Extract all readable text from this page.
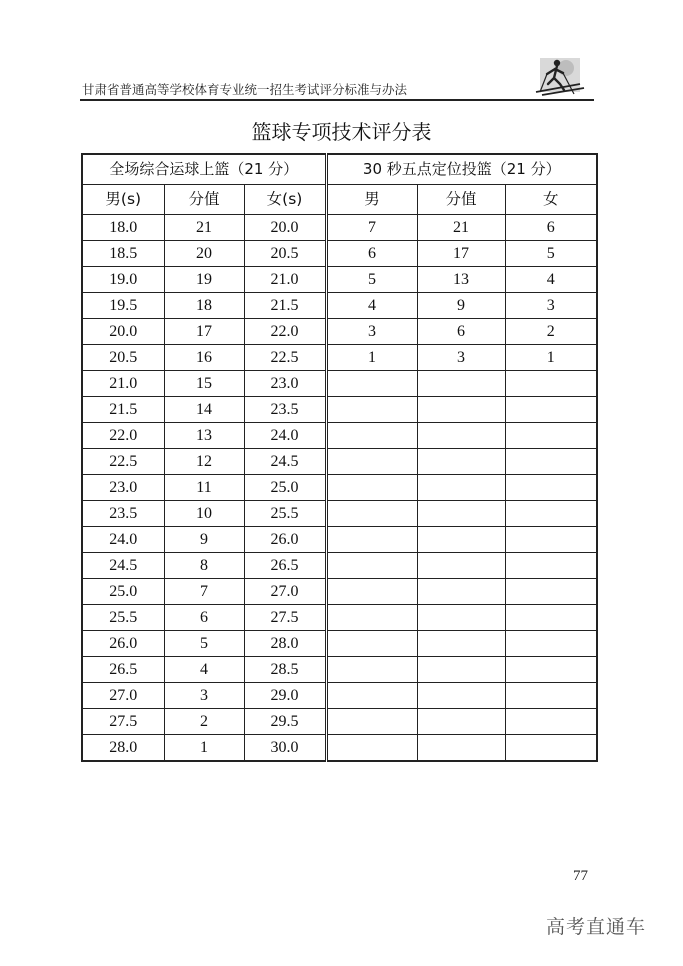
甘肃省普通高等学校体育专业统一招生考试评分标准与办法
篮球专项技术评分表
全场综合运球上篮（21 分）			30 秒五点定位投篮（21 分）		
男(s)	分值	女(s)	男	分值	女
18.0	21	20.0	7	21	6
18.5	20	20.5	6	17	5
19.0	19	21.0	5	13	4
19.5	18	21.5	4	9	3
20.0	17	22.0	3	6	2
20.5	16	22.5	1	3	1
21.0	15	23.0			
21.5	14	23.5			
22.0	13	24.0			
22.5	12	24.5			
23.0	11	25.0			
23.5	10	25.5			
24.0	9	26.0			
24.5	8	26.5			
25.0	7	27.0			
25.5	6	27.5			
26.0	5	28.0			
26.5	4	28.5			
27.0	3	29.0			
27.5	2	29.5			
28.0	1	30.0			
77
高考直通车
